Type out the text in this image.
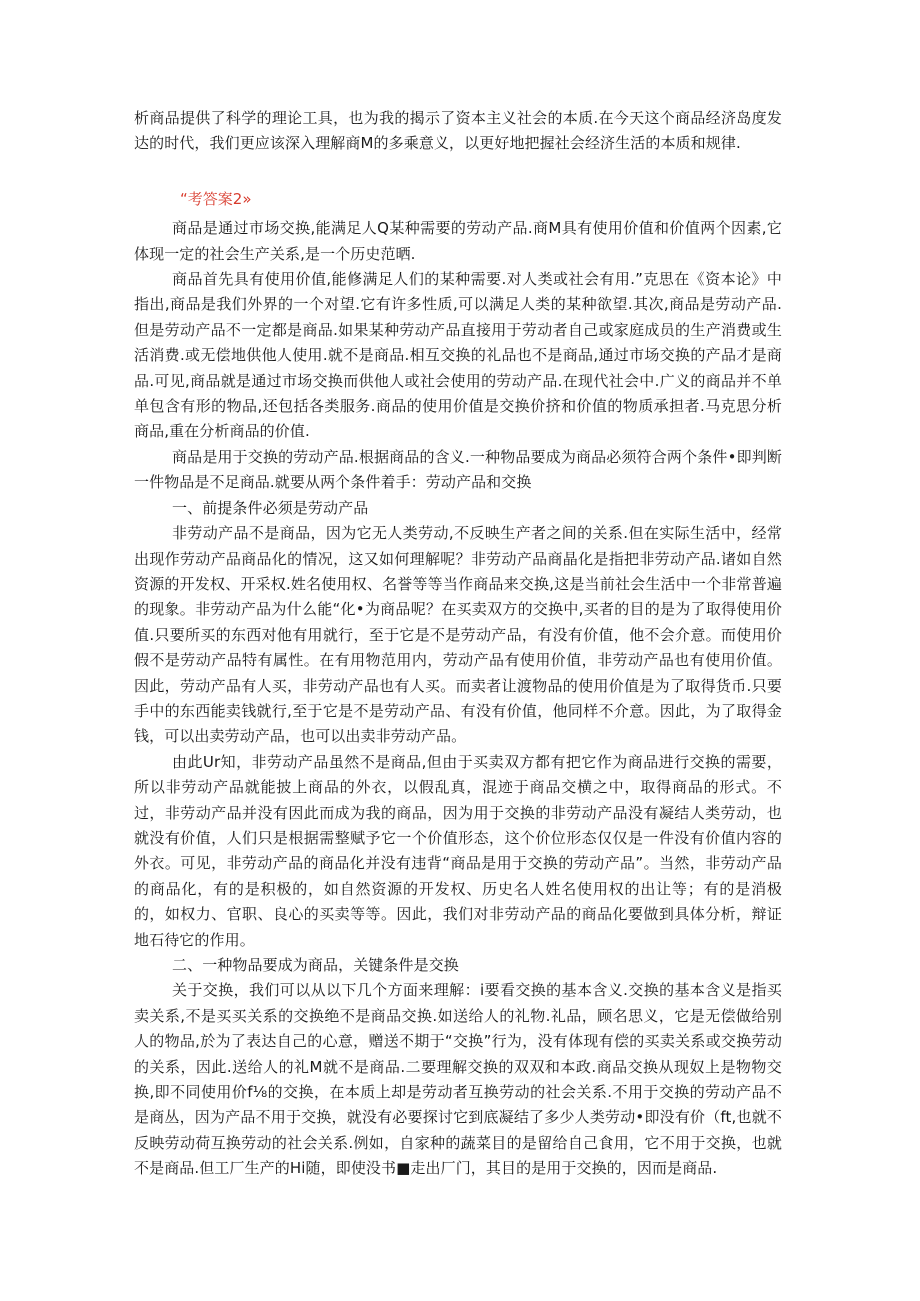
析商品提供了科学的理论工具，也为我的揭示了资本主义社会的本质.在今天这个商品经济岛度发达的时代，我们更应该深入理解商M的多乘意义，以更好地把握社会经济生活的本质和规律.

“考答案2»

商品是通过市场交换,能满足人Q某种需要的劳动产品.商M具有使用价值和价值两个因素,它体现一定的社会生产关系,是一个历史范晒.

商品首先具有使用价值,能修满足人们的某种需要.对人类或社会有用.”克思在《资本论》中指出,商品是我们外界的一个对望.它有许多性质,可以满足人类的某种欲望.其次,商品是劳动产品.但是劳动产品不一定都是商品.如果某种劳动产品直接用于劳动者自己或家庭成员的生产消费或生活消费.或无偿地供他人使用.就不是商品.相互交换的礼品也不是商品,通过市场交换的产品才是商品.可见,商品就是通过市场交换而供他人或社会使用的劳动产品.在现代社会中.广义的商品并不单单包含有形的物品,还包括各类服务.商品的使用价值是交换价挤和价值的物质承担者.马克思分析商品,重在分析商品的价值.

商品是用于交换的劳动产品.根据商品的含义.一种物品要成为商品必须符合两个条件•即判断一件物品是不足商品.就要从两个条件着手：劳动产品和交换

一、前提条件必须是劳动产品

非劳动产品不是商品，因为它无人类劳动,不反映生产者之间的关系.但在实际生活中，经常出现作劳动产品商品化的情况，这又如何理解呢？非劳动产品商晶化是指把非劳动产品.诸如自然资源的开发权、开采权.姓名使用权、名誉等等当作商品来交换,这是当前社会生活中一个非常普遍的现象。非劳动产品为什么能“化•为商品呢？在买卖双方的交换中,买者的目的是为了取得使用价值.只要所买的东西对他有用就行，至于它是不是劳动产品，有没有价值，他不会介意。而使用价假不是劳动产品特有属性。在有用物范用内，劳动产品有使用价值，非劳动产品也有使用价值。因此，劳动产品有人买，非劳动产品也有人买。而卖者让渡物品的使用价值是为了取得货币.只要手中的东西能卖钱就行,至于它是不是劳动产品、有没有价值，他同样不介意。因此，为了取得金钱，可以出卖劳动产品，也可以出卖非劳动产品。

由此Ur知，非劳动产品虽然不是商品,但由于买卖双方都有把它作为商品进行交换的需要，所以非劳动产品就能披上商品的外衣，以假乱真，混迹于商品交横之中，取得商品的形式。不过，非劳动产品并没有因此而成为我的商品，因为用于交换的非劳动产品没有凝结人类劳动，也就没有价值，人们只是根据需整赋予它一个价值形态，这个价位形态仅仅是一件没有价值内容的外衣。可见，非劳动产品的商品化并没有违背“商品是用于交换的劳动产品”。当然，非劳动产品的商品化，有的是积极的，如自然资源的开发权、历史名人姓名使用权的出让等；有的是消极的，如权力、官职、良心的买卖等等。因此，我们对非劳动产品的商品化要做到具体分析，辩证地石待它的作用。

二、一种物品要成为商品，关键条件是交换

关于交换，我们可以从以下几个方面来理解：i要看交换的基本含义.交换的基本含义是指买卖关系,不是买买关系的交换绝不是商品交换.如送给人的礼物.礼品，顾名思义，它是无偿做给别人的物品,於为了表达自己的心意，赠送不期于“交换”行为，没有体现有偿的买卖关系或交换劳动的关系，因此.送给人的礼M就不是商品.二要理解交换的双双和本政.商品交换从现奴上是物物交换,即不同使用价f⅛的交换，在本质上却是劳动者互换劳动的社会关系.不用于交换的劳动产品不是商丛，因为产品不用于交换，就没有必要探讨它到底凝结了多少人类劳动•即没有价（ft,也就不反映劳动荷互换劳动的社会关系.例如，自家种的蔬菜目的是留给自己食用，它不用于交换，也就不是商品.但工厂生产的Hi随，即使没书■走出厂门，其目的是用于交换的，因而是商品.
